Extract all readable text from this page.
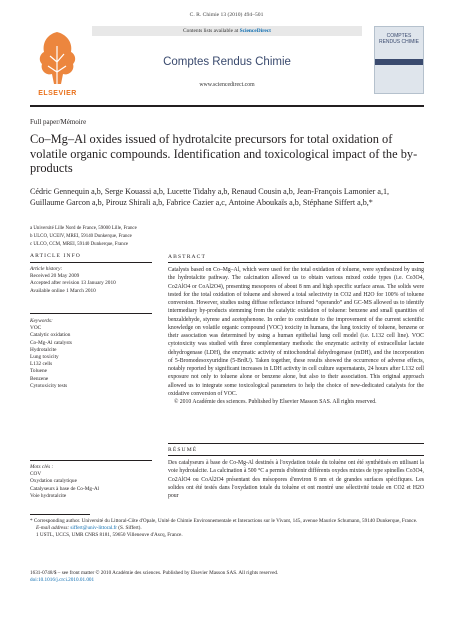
C. R. Chimie 13 (2010) 494–501
ELSEVIER
Contents lists available at ScienceDirect
Comptes Rendus Chimie
www.sciencedirect.com
COMPTES RENDUS CHIMIE
Full paper/Mémoire
Co–Mg–Al oxides issued of hydrotalcite precursors for total oxidation of volatile organic compounds. Identification and toxicological impact of the by-products
Cédric Gennequin a,b, Serge Kouassi a,b, Lucette Tidahy a,b, Renaud Cousin a,b, Jean-François Lamonier a,1, Guillaume Garcon a,b, Pirouz Shirali a,b, Fabrice Cazier a,c, Antoine Aboukaïs a,b, Stéphane Siffert a,b,*
a Université Lille Nord de France, 59000 Lille, France
b ULCO, UCEIV, MREI, 59140 Dunkerque, France
c ULCO, CCM, MREI, 59140 Dunkerque, France
ARTICLE INFO
Article history:
Received 20 May 2009
Accepted after revision 13 January 2010
Available online 1 March 2010
Keywords:
VOC
Catalytic oxidation
Co-Mg-Al catalysts
Hydrotalcite
Lung toxicity
L132 cells
Toluene
Benzene
Cytotoxicity tests
Mots clés :
COV
Oxydation catalytique
Catalyseurs à base de Co-Mg-Al
Voie hydrotalcite
ABSTRACT

Catalysts based on Co–Mg–Al, which were used for the total oxidation of toluene, were synthesized by using the hydrotalcite pathway. The calcination allowed us to obtain various mixed oxide types (i.e. Co3O4, Co2AlO4 or CoAl2O4), presenting mesopores of about 8 nm and high specific surface areas. The solids were tested for the total oxidation of toluene and showed a total selectivity in CO2 and H2O for 100% of toluene conversion. However, studies using diffuse reflectance infrared “operando” and GC-MS allowed us to identify intermediary by-products stemming from the catalytic oxidation of toluene: benzene and small quantities of benzaldehyde, styrene and acetophenone. In order to contribute to the improvement of the current scientific knowledge on volatile organic compound (VOC) toxicity in humans, the lung toxicity of toluene, benzene or their association was determined by using a human epithelial lung cell model (i.e. L132 cell line). VOC cytotoxicity was studied with three complementary methods: the enzymatic activity of extracellular lactate dehydrogenase (LDH), the enzymatic activity of mitochondrial dehydrogenase (mDH), and the incorporation of 5-Bromodesoxyuridine (5-BrdU). Taken together, these results showed the occurrence of adverse effects, notably reported by significant increases in LDH activity in cell culture supernatants, 24 hours after L132 cell exposure not only to toluene alone or benzene alone, but also to their association. This original approach allowed us to integrate some toxicological parameters to help the choice of new-dedicated catalysts for the oxidative conversion of VOC.

© 2010 Académie des sciences. Published by Elsevier Masson SAS. All rights reserved.

RÉSUMÉ

Des catalyseurs à base de Co-Mg-Al destinés à l'oxydation totale du toluène ont été synthétisés en utilisant la voie hydrotalcite. La calcination à 500 °C a permis d'obtenir différents oxydes mixtes de type spinelles Co3O4, Co2AlO4 ou CoAl2O4 présentant des mésopores d'environ 8 nm et de grandes surfaces spécifiques. Les solides ont été testés dans l'oxydation totale du toluène et ont montré une sélectivité totale en CO2 et H2O pour

* Corresponding author. Université du Littoral-Côte d'Opale, Unité de Chimie Environnementale et Interactions sur le Vivant, 145, avenue Maurice Schumann, 59140 Dunkerque, France.

E-mail address: siffert@univ-littoral.fr (S. Siffert).

1 USTL, UCCS, UMR CNRS 8181, 59650 Villeneuve d'Ascq, France.

1631-0748/$ – see front matter © 2010 Académie des sciences. Published by Elsevier Masson SAS. All rights reserved.
doi:10.1016/j.crci.2010.01.001
